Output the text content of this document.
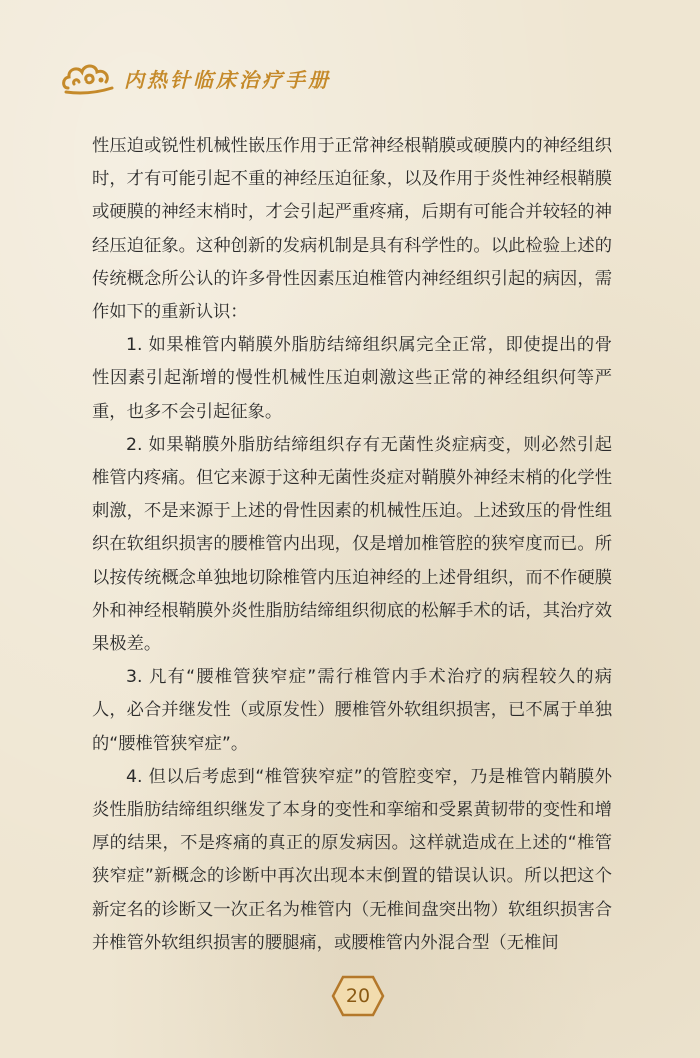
内热针临床治疗手册

性压迫或锐性机械性嵌压作用于正常神经根鞘膜或硬膜内的神经组织时，才有可能引起不重的神经压迫征象，以及作用于炎性神经根鞘膜或硬膜的神经末梢时，才会引起严重疼痛，后期有可能合并较轻的神经压迫征象。这种创新的发病机制是具有科学性的。以此检验上述的传统概念所公认的许多骨性因素压迫椎管内神经组织引起的病因，需作如下的重新认识：

1. 如果椎管内鞘膜外脂肪结缔组织属完全正常，即使提出的骨性因素引起渐增的慢性机械性压迫刺激这些正常的神经组织何等严重，也多不会引起征象。

2. 如果鞘膜外脂肪结缔组织存有无菌性炎症病变，则必然引起椎管内疼痛。但它来源于这种无菌性炎症对鞘膜外神经末梢的化学性刺激，不是来源于上述的骨性因素的机械性压迫。上述致压的骨性组织在软组织损害的腰椎管内出现，仅是增加椎管腔的狭窄度而已。所以按传统概念单独地切除椎管内压迫神经的上述骨组织，而不作硬膜外和神经根鞘膜外炎性脂肪结缔组织彻底的松解手术的话，其治疗效果极差。

3. 凡有“腰椎管狭窄症”需行椎管内手术治疗的病程较久的病人，必合并继发性（或原发性）腰椎管外软组织损害，已不属于单独的“腰椎管狭窄症”。

4. 但以后考虑到“椎管狭窄症”的管腔变窄，乃是椎管内鞘膜外炎性脂肪结缔组织继发了本身的变性和挛缩和受累黄韧带的变性和增厚的结果，不是疼痛的真正的原发病因。这样就造成在上述的“椎管狭窄症”新概念的诊断中再次出现本末倒置的错误认识。所以把这个新定名的诊断又一次正名为椎管内（无椎间盘突出物）软组织损害合并椎管外软组织损害的腰腿痛，或腰椎管内外混合型（无椎间

20
